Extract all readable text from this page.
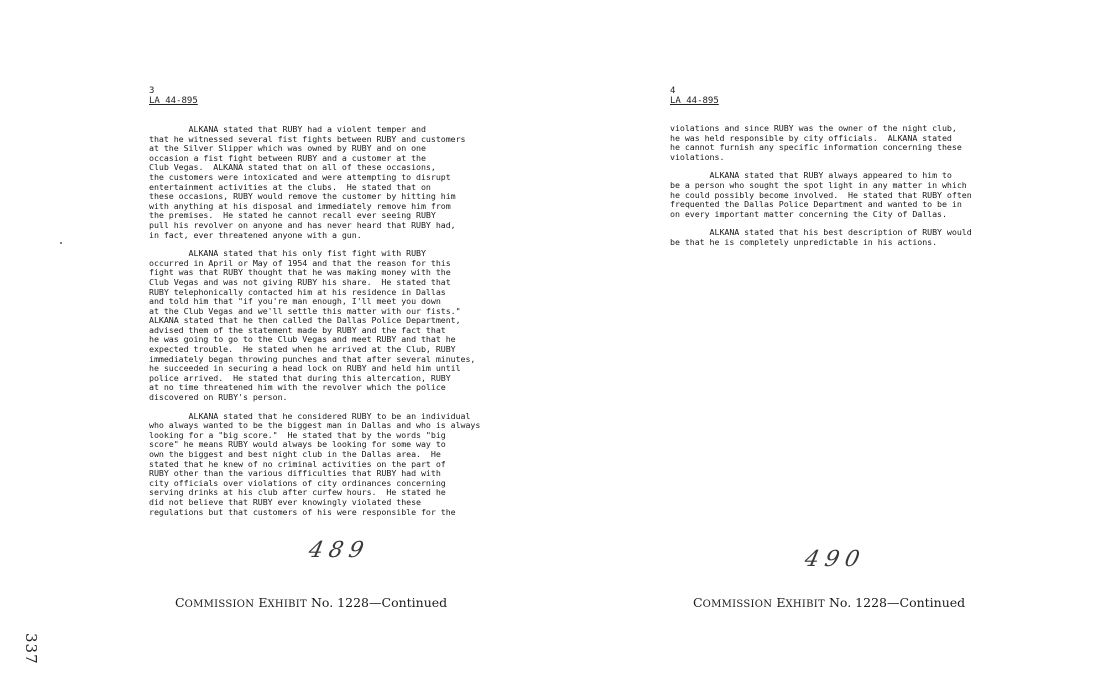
3
LA 44-895
ALKANA stated that RUBY had a violent temper and
that he witnessed several fist fights between RUBY and customers
at the Silver Slipper which was owned by RUBY and on one
occasion a fist fight between RUBY and a customer at the
Club Vegas.  ALKANA stated that on all of these occasions,
the customers were intoxicated and were attempting to disrupt
entertainment activities at the clubs.  He stated that on
these occasions, RUBY would remove the customer by hitting him
with anything at his disposal and immediately remove him from
the premises.  He stated he cannot recall ever seeing RUBY
pull his revolver on anyone and has never heard that RUBY had,
in fact, ever threatened anyone with a gun.
ALKANA stated that his only fist fight with RUBY
occurred in April or May of 1954 and that the reason for this
fight was that RUBY thought that he was making money with the
Club Vegas and was not giving RUBY his share.  He stated that
RUBY telephonically contacted him at his residence in Dallas
and told him that "if you're man enough, I'll meet you down
at the Club Vegas and we'll settle this matter with our fists."
ALKANA stated that he then called the Dallas Police Department,
advised them of the statement made by RUBY and the fact that
he was going to go to the Club Vegas and meet RUBY and that he
expected trouble.  He stated when he arrived at the Club, RUBY
immediately began throwing punches and that after several minutes,
he succeeded in securing a head lock on RUBY and held him until
police arrived.  He stated that during this altercation, RUBY
at no time threatened him with the revolver which the police
discovered on RUBY's person.
ALKANA stated that he considered RUBY to be an individual
who always wanted to be the biggest man in Dallas and who is always
looking for a "big score."  He stated that by the words "big
score" he means RUBY would always be looking for some way to
own the biggest and best night club in the Dallas area.  He
stated that he knew of no criminal activities on the part of
RUBY other than the various difficulties that RUBY had with
city officials over violations of city ordinances concerning
serving drinks at his club after curfew hours.  He stated he
did not believe that RUBY ever knowingly violated these
regulations but that customers of his were responsible for the
489
COMMISSION EXHIBIT No. 1228—Continued
4
LA 44-895
violations and since RUBY was the owner of the night club,
he was held responsible by city officials.  ALKANA stated
he cannot furnish any specific information concerning these
violations.
ALKANA stated that RUBY always appeared to him to
be a person who sought the spot light in any matter in which
he could possibly become involved.  He stated that RUBY often
frequented the Dallas Police Department and wanted to be in
on every important matter concerning the City of Dallas.
ALKANA stated that his best description of RUBY would
be that he is completely unpredictable in his actions.
490
COMMISSION EXHIBIT No. 1228—Continued
337
